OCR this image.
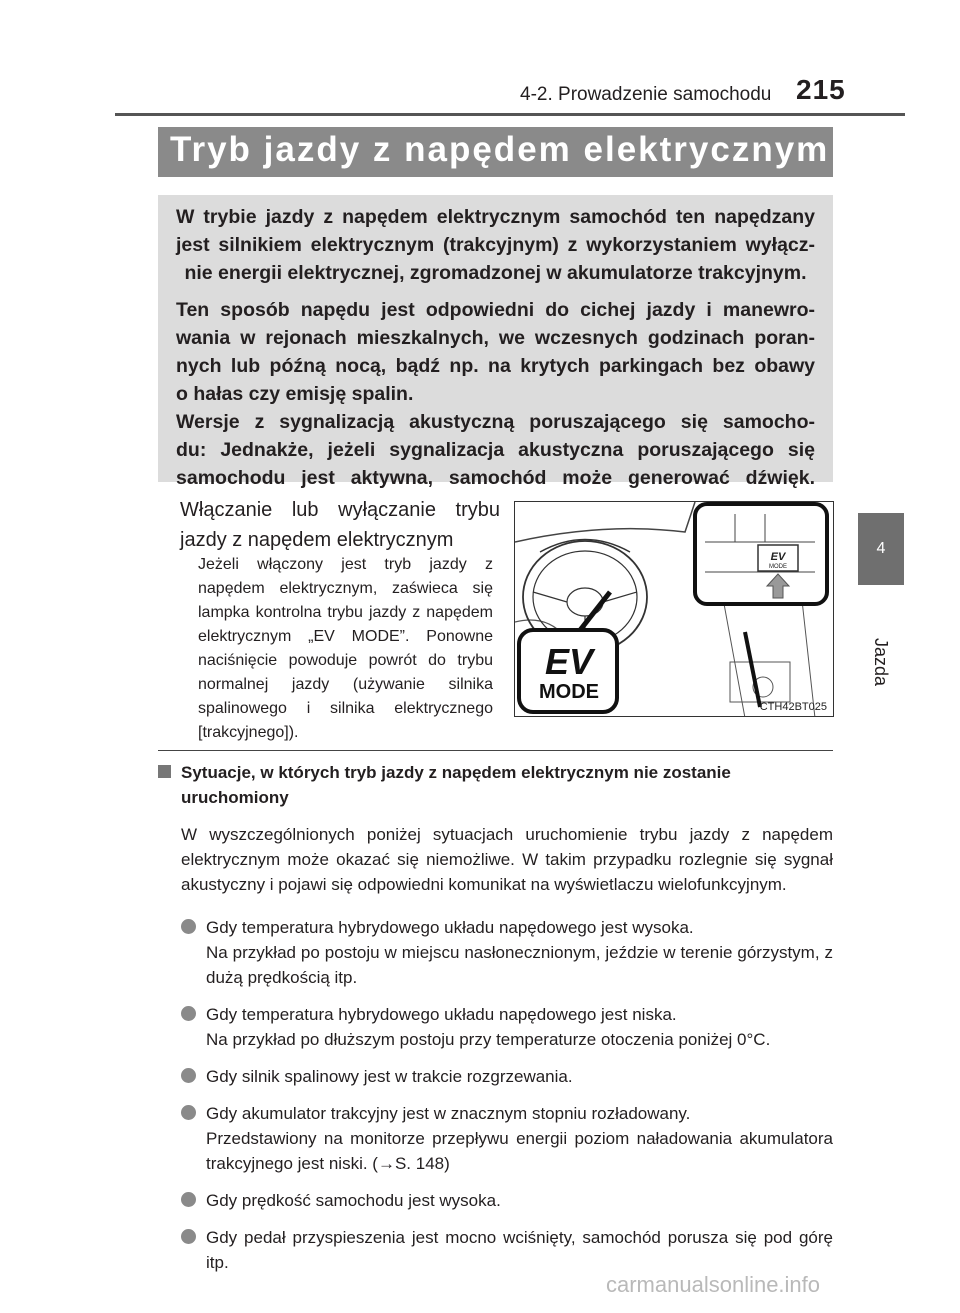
4-2. Prowadzenie samochodu 215
4
Jazda
Tryb jazdy z napędem elektrycznym

W trybie jazdy z napędem elektrycznym samochód ten napędzany

jest silnikiem elektrycznym (trakcyjnym) z wykorzystaniem wyłącz-

nie energii elektrycznej, zgromadzonej w akumulatorze trakcyjnym.

Ten sposób napędu jest odpowiedni do cichej jazdy i manewro-

wania w rejonach mieszkalnych, we wczesnych godzinach poran-

nych lub późną nocą, bądź np. na krytych parkingach bez obawy

o hałas czy emisję spalin.

Wersje z sygnalizacją akustyczną poruszającego się samocho-

du: Jednakże, jeżeli sygnalizacja akustyczna poruszającego się

samochodu jest aktywna, samochód może generować dźwięk.

Włączanie lub wyłączanie trybu
jazdy z napędem elektrycznym
Jeżeli włączony jest tryb jazdy z napędem elektrycznym, zaświeca się lampka kontrolna trybu jazdy z napędem elektrycznym „EV MODE”. Ponowne naciśnięcie powoduje powrót do trybu normalnej jazdy (używanie silnika spalinowego i silnika elektrycznego [trakcyjnego]).
EV
MODE
EV
MODE
CTH42BT025
Sytuacje, w których tryb jazdy z napędem elektrycznym nie zostanie
uruchomiony
W wyszczególnionych poniżej sytuacjach uruchomienie trybu jazdy z napędem elektrycznym może okazać się niemożliwe. W takim przypadku rozlegnie się sygnał akustyczny i pojawi się odpowiedni komunikat na wyświetlaczu wielofunkcyjnym.
Gdy temperatura hybrydowego układu napędowego jest wysoka.
Na przykład po postoju w miejscu nasłonecznionym, jeździe w terenie górzystym, z dużą prędkością itp.
Gdy temperatura hybrydowego układu napędowego jest niska.
Na przykład po dłuższym postoju przy temperaturze otoczenia poniżej 0°C.
Gdy silnik spalinowy jest w trakcie rozgrzewania.
Gdy akumulator trakcyjny jest w znacznym stopniu rozładowany.
Przedstawiony na monitorze przepływu energii poziom naładowania akumulatora trakcyjnego jest niski. (→S. 148)
Gdy prędkość samochodu jest wysoka.
Gdy pedał przyspieszenia jest mocno wciśnięty, samochód porusza się pod górę itp.
carmanualsonline.info
